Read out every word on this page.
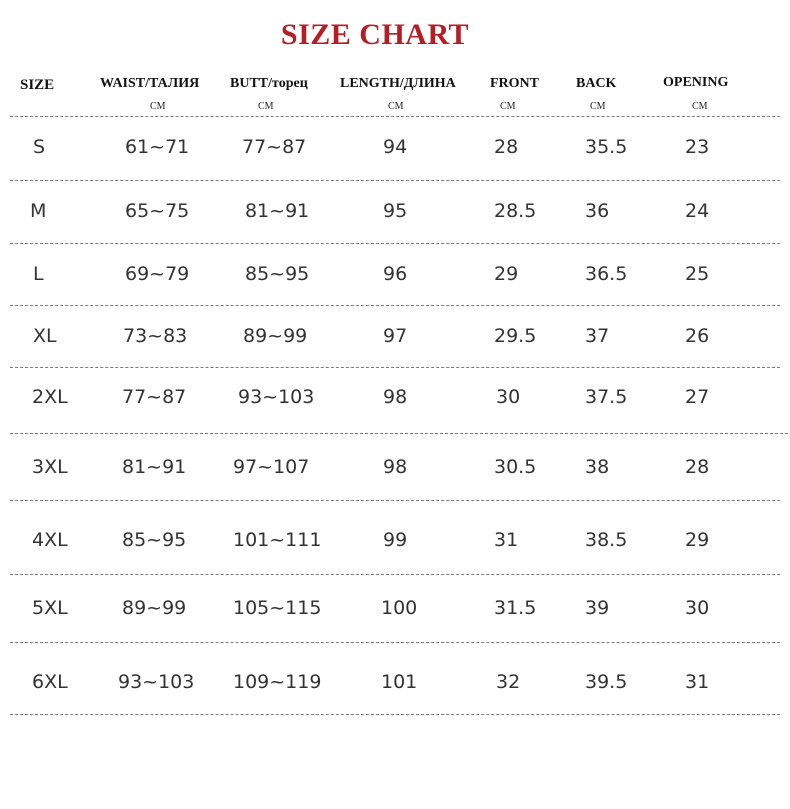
SIZE CHART
SIZE	WAIST/ТАЛИЯ BUTT/торец LENGTH/ДЛИНА FRONT	BACK	OPENING
CM	CM	CM	CM	CM	CM
S	61~71	77~87	94	28	35.5	23
M	65~75	81~91	95	28.5	36	24
L	69~79	85~95	96	29	36.5	25
XL	73~83	89~99	97	29.5	37	26
2XL	77~87	93~103	98	30	37.5	27
3XL	81~91 97~107	98	30.5	38	28
4XL	85~95 101~111	99	31	38.5	29
5XL	89~99 105~115	100	31.5	39	30
6XL	93~103 109~119	101	32	39.5	31
